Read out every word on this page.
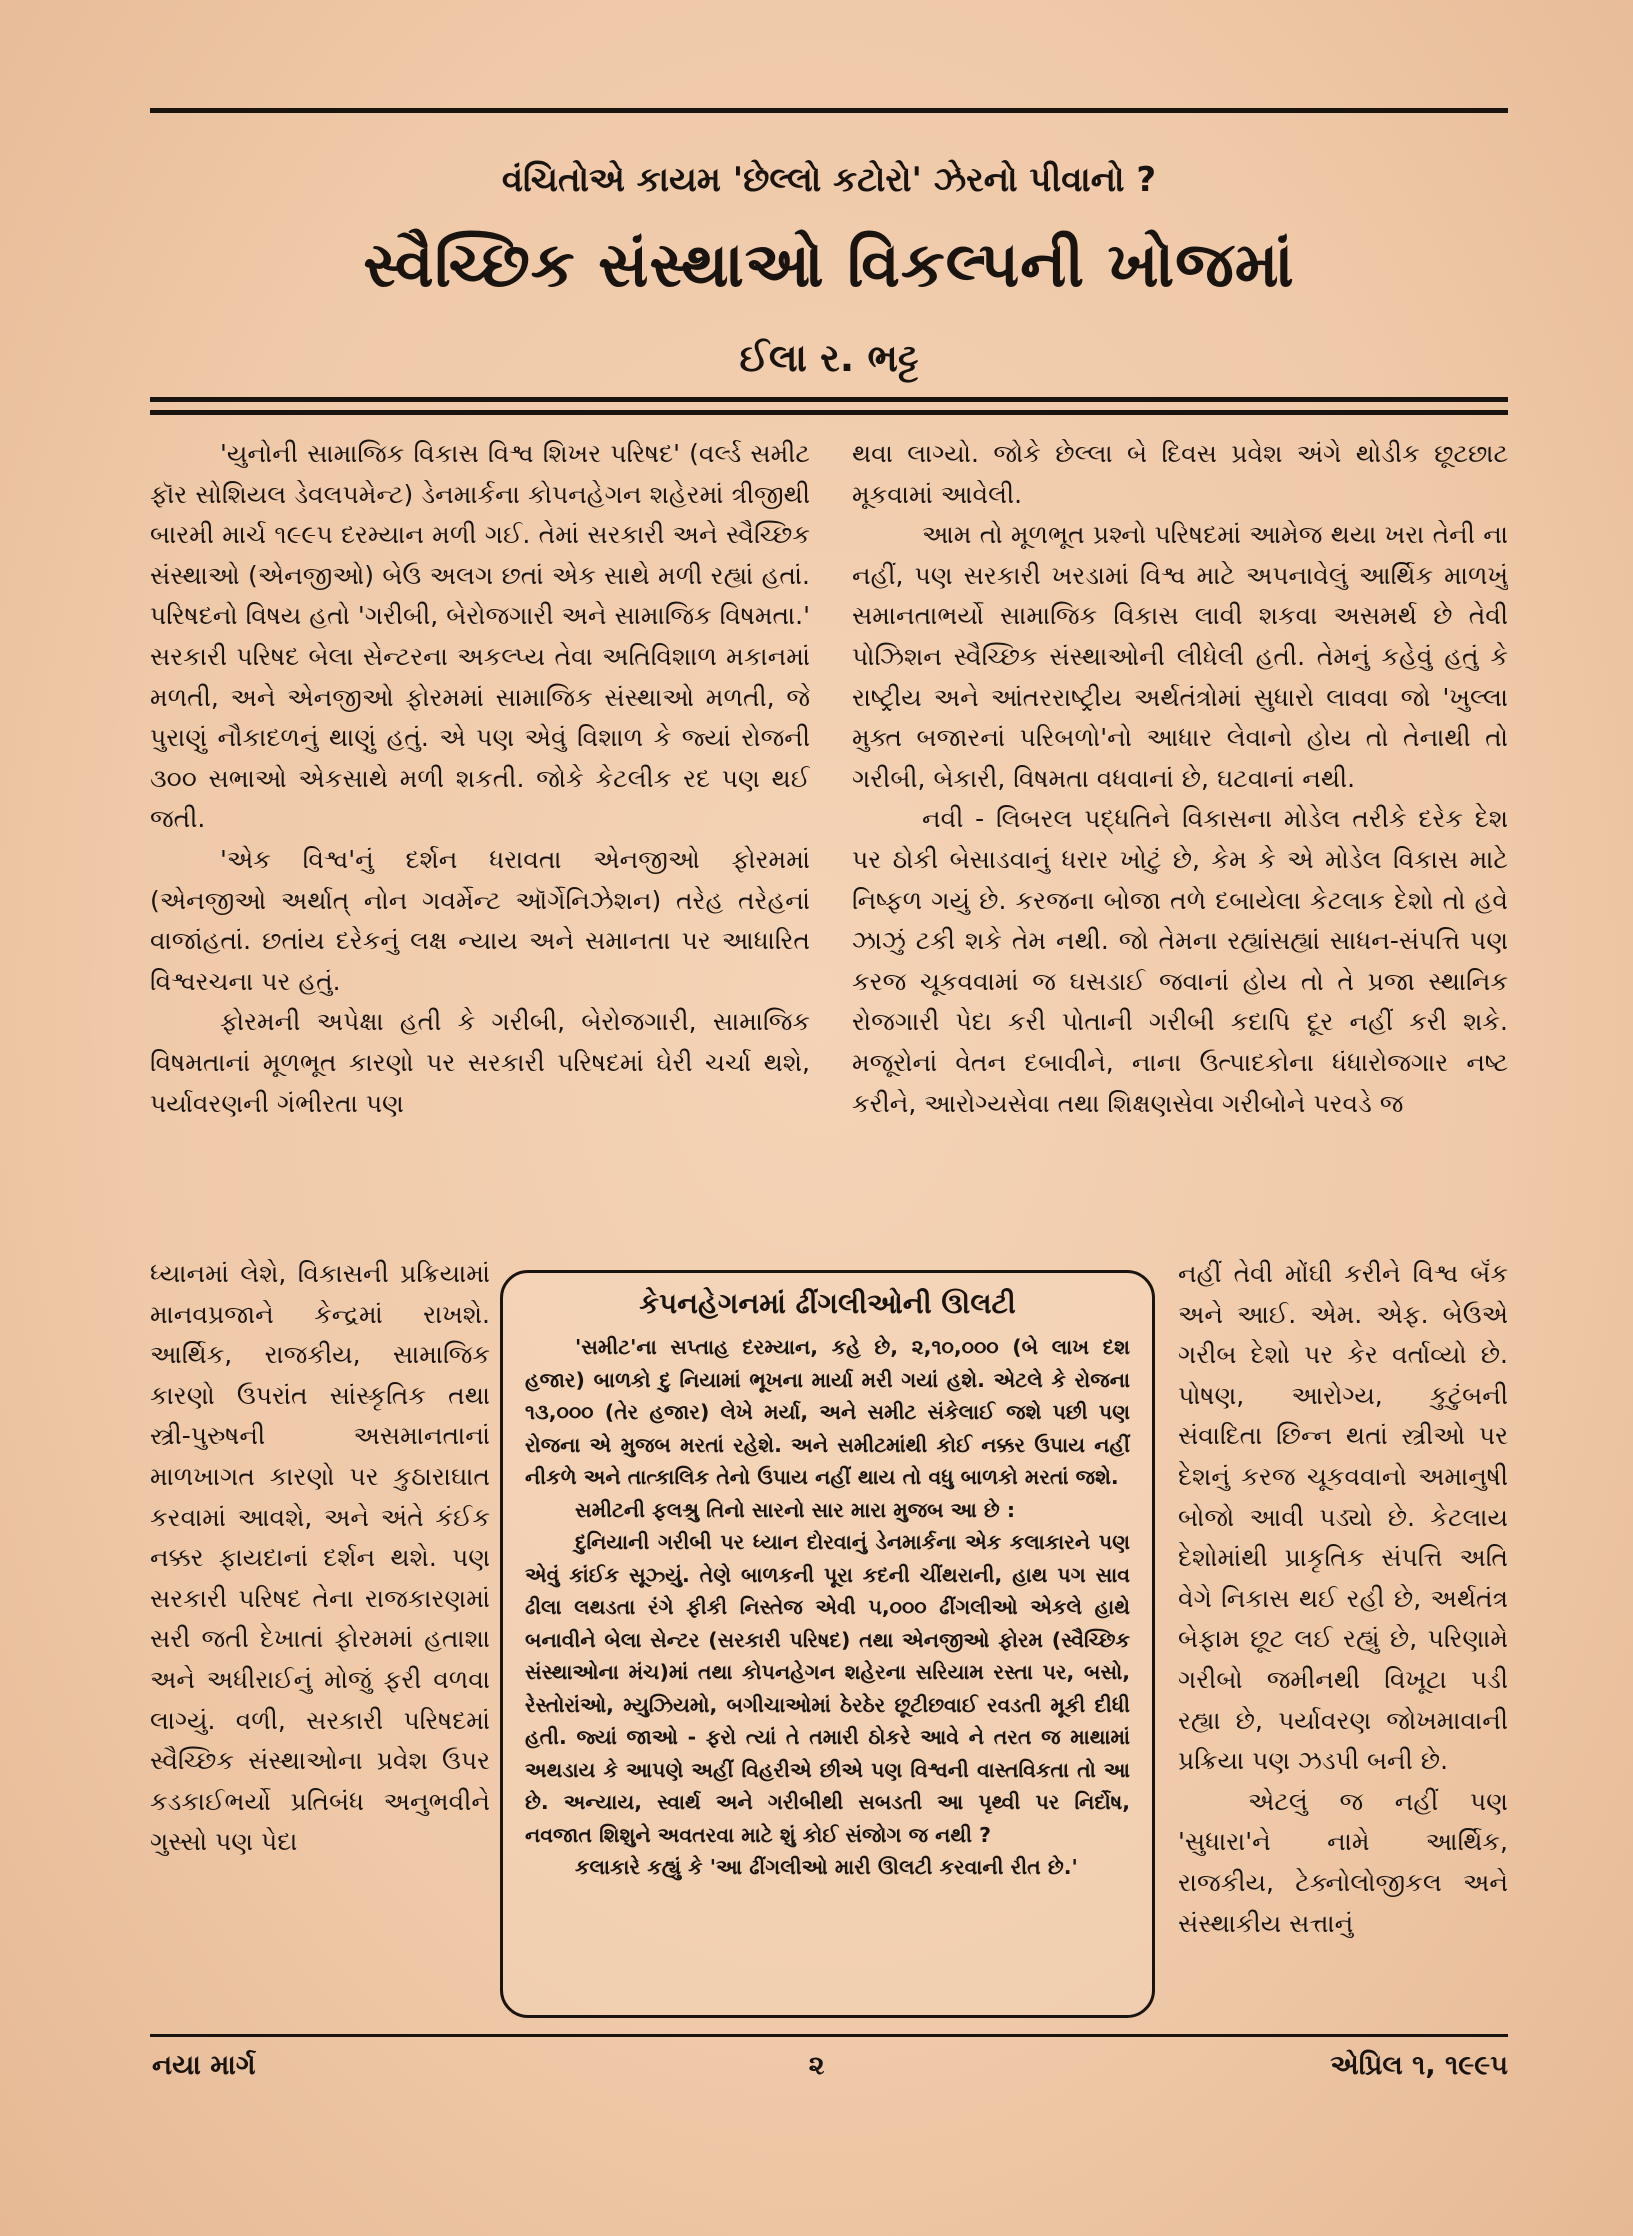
વંચિતોએ કાયમ 'છેલ્લો કટોરો' ઝેરનો પીવાનો ?
સ્વૈચ્છિક સંસ્થાઓ વિકલ્પની ખોજમાં
ઈલા ર. ભટ્ટ

'યુનોની સામાજિક વિકાસ વિશ્વ શિખર પરિષદ' (વર્લ્ડ સમીટ ફૉર સોશિયલ ડેવલપમેન્ટ) ડેનમાર્કના કોપનહેગન શહેરમાં ત્રીજીથી બારમી માર્ચ ૧૯૯૫ દરમ્યાન મળી ગઈ. તેમાં સરકારી અને સ્વૈચ્છિક સંસ્થાઓ (એનજીઓ) બેઉ અલગ છતાં એક સાથે મળી રહ્યાં હતાં. પરિષદનો વિષય હતો 'ગરીબી, બેરોજગારી અને સામાજિક વિષમતા.' સરકારી પરિષદ બેલા સેન્ટરના અકલ્પ્ય તેવા અતિવિશાળ મકાનમાં મળતી, અને એનજીઓ ફોરમમાં સામાજિક સંસ્થાઓ મળતી, જે પુરાણું નૌકાદળનું થાણું હતું. એ પણ એવું વિશાળ કે જ્યાં રોજની ૩૦૦ સભાઓ એકસાથે મળી શકતી. જોકે કેટલીક રદ પણ થઈ જતી.

'એક વિશ્વ'નું દર્શન ધરાવતા એનજીઓ ફોરમમાં (એનજીઓ અર્થાત્ નોન ગવર્મેન્ટ ઑર્ગેનિઝેશન) તરેહ તરેહનાં વાજાંહતાં. છતાંય દરેકનું લક્ષ ન્યાય અને સમાનતા પર આધારિત વિશ્વરચના પર હતું.

ફોરમની અપેક્ષા હતી કે ગરીબી, બેરોજગારી, સામાજિક વિષમતાનાં મૂળભૂત કારણો પર સરકારી પરિષદમાં ઘેરી ચર્ચા થશે, પર્યાવરણની ગંભીરતા પણ

ધ્યાનમાં લેશે, વિકાસની પ્રક્રિયામાં માનવપ્રજાને કેન્દ્રમાં રાખશે. આર્થિક, રાજકીય, સામાજિક કારણો ઉપરાંત સાંસ્કૃતિક તથા સ્ત્રી-પુરુષની અસમાનતાનાં માળખાગત કારણો પર કુઠારાઘાત કરવામાં આવશે, અને અંતે કંઈક નક્કર ફાયદાનાં દર્શન થશે. પણ સરકારી પરિષદ તેના રાજકારણમાં સરી જતી દેખાતાં ફોરમમાં હતાશા અને અધીરાઈનું મોજું ફરી વળવા લાગ્યું. વળી, સરકારી પરિષદમાં સ્વૈચ્છિક સંસ્થાઓના પ્રવેશ ઉપર કડકાઈભર્યો પ્રતિબંધ અનુભવીને ગુસ્સો પણ પેદા

થવા લાગ્યો. જોકે છેલ્લા બે દિવસ પ્રવેશ અંગે થોડીક છૂટછાટ મૂકવામાં આવેલી.

આમ તો મૂળભૂત પ્રશ્નો પરિષદમાં આમેજ થયા ખરા તેની ના નહીં, પણ સરકારી ખરડામાં વિશ્વ માટે અપનાવેલું આર્થિક માળખું સમાનતાભર્યો સામાજિક વિકાસ લાવી શકવા અસમર્થ છે તેવી પોઝિશન સ્વૈચ્છિક સંસ્થાઓની લીધેલી હતી. તેમનું કહેવું હતું કે રાષ્ટ્રીય અને આંતરરાષ્ટ્રીય અર્થતંત્રોમાં સુધારો લાવવા જો 'ખુલ્લા મુક્ત બજારનાં પરિબળો'નો આધાર લેવાનો હોય તો તેનાથી તો ગરીબી, બેકારી, વિષમતા વધવાનાં છે, ઘટવાનાં નથી.

નવી - લિબરલ પદ્ધતિને વિકાસના મોડેલ તરીકે દરેક દેશ પર ઠોકી બેસાડવાનું ધરાર ખોટું છે, કેમ કે એ મોડેલ વિકાસ માટે નિષ્ફળ ગયું છે. કરજના બોજા તળે દબાયેલા કેટલાક દેશો તો હવે ઝાઝું ટકી શકે તેમ નથી. જો તેમના રહ્યાંસહ્યાં સાધન-સંપત્તિ પણ કરજ ચૂકવવામાં જ ઘસડાઈ જવાનાં હોય તો તે પ્રજા સ્થાનિક રોજગારી પેદા કરી પોતાની ગરીબી કદાપિ દૂર નહીં કરી શકે. મજૂરોનાં વેતન દબાવીને, નાના ઉત્પાદકોના ધંધારોજગાર નષ્ટ કરીને, આરોગ્યસેવા તથા શિક્ષણસેવા ગરીબોને પરવડે જ

નહીં તેવી મોંઘી કરીને વિશ્વ બૅંક અને આઈ. એમ. એફ. બેઉએ ગરીબ દેશો પર કેર વર્તાવ્યો છે. પોષણ, આરોગ્ય, કુટુંબની સંવાદિતા છિન્ન થતાં સ્ત્રીઓ પર દેશનું કરજ ચૂકવવાનો અમાનુષી બોજો આવી પડ્યો છે. કેટલાય દેશોમાંથી પ્રાકૃતિક સંપત્તિ અતિ વેગે નિકાસ થઈ રહી છે, અર્થતંત્ર બેફામ છૂટ લઈ રહ્યું છે, પરિણામે ગરીબો જમીનથી વિખૂટા પડી રહ્યા છે, પર્યાવરણ જોખમાવાની પ્રક્રિયા પણ ઝડપી બની છે.

એટલું જ નહીં પણ 'સુધારા'ને નામે આર્થિક, રાજકીય, ટેક્નોલોજીકલ અને સંસ્થાકીય સત્તાનું

કેપનહેગનમાં ઢીંગલીઓની ઊલટી

'સમીટ'ના સપ્તાહ દરમ્યાન, કહે છે, ૨,૧૦,૦૦૦ (બે લાખ દશ હજાર) બાળકો દુ નિયામાં ભૂખના માર્યા મરી ગયાં હશે. એટલે કે રોજના ૧૩,૦૦૦ (તેર હજાર) લેખે મર્યા, અને સમીટ સંકેલાઈ જશે પછી પણ રોજના એ મુજબ મરતાં રહેશે. અને સમીટમાંથી કોઈ નક્કર ઉપાય નહીં નીકળે અને તાત્કાલિક તેનો ઉપાય નહીં થાય તો વધુ બાળકો મરતાં જશે.

સમીટની ફલશ્રુ તિનો સારનો સાર મારા મુજબ આ છે :

દુનિયાની ગરીબી પર ધ્યાન દોરવાનું ડેનમાર્કના એક કલાકારને પણ એવું કાંઈક સૂઝ્યું. તેણે બાળકની પૂરા કદની ચીંથરાની, હાથ પગ સાવ ઢીલા લથડતા રંગે ફીકી નિસ્તેજ એવી ૫,૦૦૦ ઢીંગલીઓ એકલે હાથે બનાવીને બેલા સેન્ટર (સરકારી પરિષદ) તથા એનજીઓ ફોરમ (સ્વૈચ્છિક સંસ્થાઓના મંચ)માં તથા કોપનહેગન શહેરના સરિયામ રસ્તા પર, બસો, રેસ્તોરાંઓ, મ્યુઝિયમો, બગીચાઓમાં ઠેરઠેર છૂટીછવાઈ રવડતી મૂકી દીધી હતી. જ્યાં જાઓ - ફરો ત્યાં તે તમારી ઠોકરે આવે ને તરત જ માથામાં અથડાય કે આપણે અહીં વિહરીએ છીએ પણ વિશ્વની વાસ્તવિકતા તો આ છે. અન્યાય, સ્વાર્થ અને ગરીબીથી સબડતી આ પૃથ્વી પર નિર્દોષ, નવજાત શિશુને અવતરવા માટે શું કોઈ સંજોગ જ નથી ?

કલાકારે કહ્યું કે 'આ ઢીંગલીઓ મારી ઊલટી કરવાની રીત છે.'

નયા માર્ગ	૨	એપ્રિલ ૧, ૧૯૯૫
